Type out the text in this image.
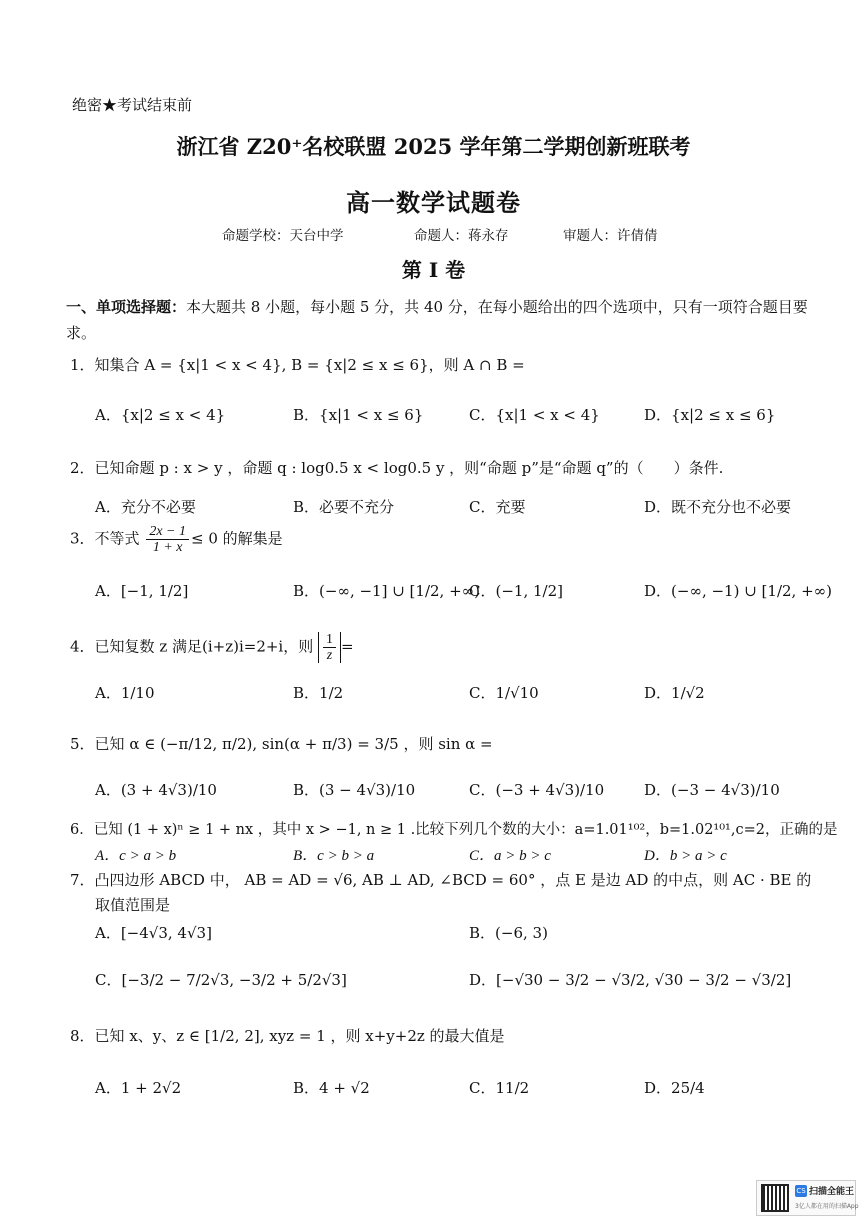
绝密★考试结束前
浙江省 Z20⁺名校联盟 2025 学年第二学期创新班联考
高一数学试题卷
命题学校：天台中学	命题人：蒋永存	审题人：许倩倩
第 I 卷
一、单项选择题：本大题共 8 小题，每小题 5 分，共 40 分，在每小题给出的四个选项中，只有一项符合题目要求。
1．知集合 A = {x|1 < x < 4}, B = {x|2 ≤ x ≤ 6}，则 A ∩ B =
A．{x|2 ≤ x < 4}	B．{x|1 < x ≤ 6}	C．{x|1 < x < 4}	D．{x|2 ≤ x ≤ 6}
2．已知命题 p : x > y ，命题 q : log0.5 x < log0.5 y ，则“命题 p”是“命题 q”的（　　）条件.
A．充分不必要	B．必要不充分	C．充要	D．既不充分也不必要
3．不等式 $\frac{2x - 1}{1 + x} \le 0$ 的解集是
A．[−1, 1/2]	B．(−∞, −1] ∪ [1/2, +∞)
C．(−1, 1/2]	D．(−∞, −1) ∪ [1/2, +∞)
4．已知复数 z 满足(i+z)i=2+i，则 $\frac{1}{z}$ =
A．1/10	B．1/2	C．1/√10	D．1/√2
5．已知 α ∈ (−π/12, π/2), sin(α + π/3) = 3/5 ，则 sin α =
A．(3 + 4√3)/10	B．(3 − 4√3)/10	C．(−3 + 4√3)/10	D．(−3 − 4√3)/10
6．已知 (1 + x)ⁿ ≥ 1 + nx ，其中 x > −1, n ≥ 1 .比较下列几个数的大小：a=1.01¹⁰²，b=1.02¹⁰¹,c=2，正确的是
A．c > a > b	B．c > b > a	C．a > b > c	D．b > a > c
7．凸四边形 ABCD 中， AB = AD = √6, AB ⊥ AD, ∠BCD = 60° ，点 E 是边 AD 的中点，则 AC · BE 的
取值范围是
A．[−4√3, 4√3]	B．(−6, 3)
C．[−3/2 − 7/2√3, −3/2 + 5/2√3]	D．[−√30 − 3/2 − √3/2, √30 − 3/2 − √3/2]
8．已知 x、y、z ∈ [1/2, 2], xyz = 1 ，则 x+y+2z 的最大值是
A．1 + 2√2	B．4 + √2	C．11/2	D．25/4
CS 扫描全能王
3亿人都在用的扫描App
